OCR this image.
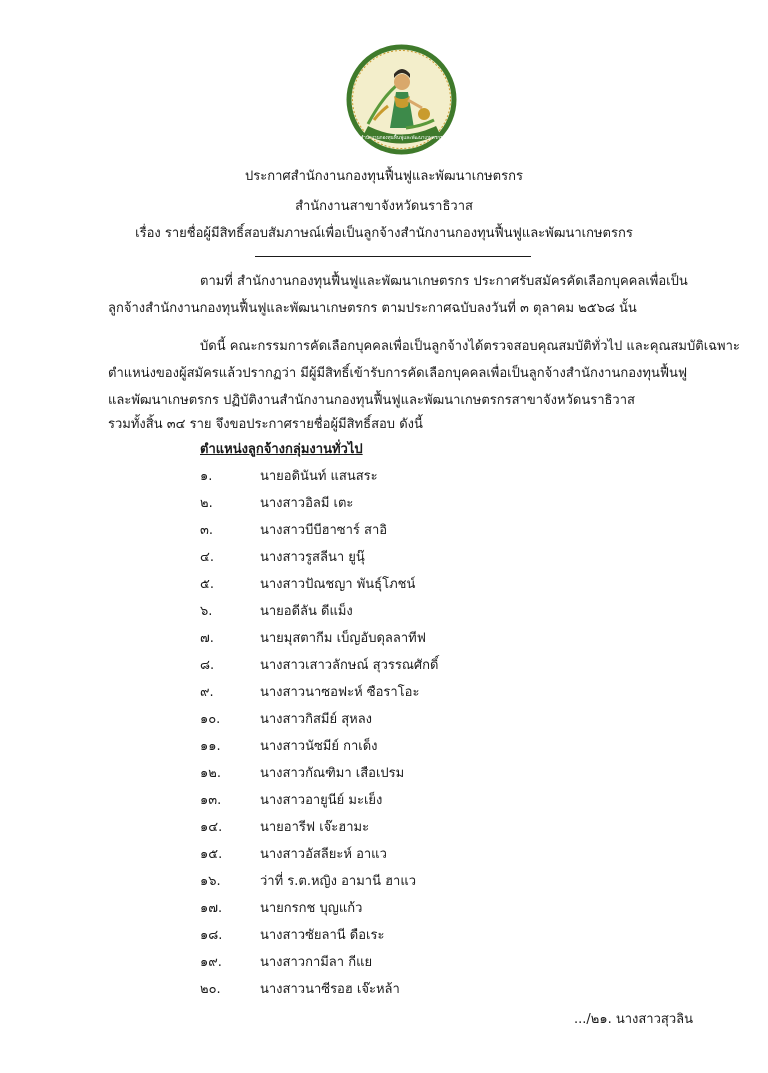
สำนักงานกองทุนฟื้นฟูและพัฒนาเกษตรกร
ประกาศสำนักงานกองทุนฟื้นฟูและพัฒนาเกษตรกร
สำนักงานสาขาจังหวัดนราธิวาส
เรื่อง รายชื่อผู้มีสิทธิ์สอบสัมภาษณ์เพื่อเป็นลูกจ้างสำนักงานกองทุนฟื้นฟูและพัฒนาเกษตรกร
ตามที่ สำนักงานกองทุนฟื้นฟูและพัฒนาเกษตรกร ประกาศรับสมัครคัดเลือกบุคคลเพื่อเป็น
ลูกจ้างสำนักงานกองทุนฟื้นฟูและพัฒนาเกษตรกร ตามประกาศฉบับลงวันที่ ๓ ตุลาคม ๒๕๖๘ นั้น
บัดนี้ คณะกรรมการคัดเลือกบุคคลเพื่อเป็นลูกจ้างได้ตรวจสอบคุณสมบัติทั่วไป และคุณสมบัติเฉพาะ
ตำแหน่งของผู้สมัครแล้วปรากฏว่า มีผู้มีสิทธิ์เข้ารับการคัดเลือกบุคคลเพื่อเป็นลูกจ้างสำนักงานกองทุนฟื้นฟู
และพัฒนาเกษตรกร ปฏิบัติงานสำนักงานกองทุนฟื้นฟูและพัฒนาเกษตรกรสาขาจังหวัดนราธิวาส
รวมทั้งสิ้น ๓๔ ราย จึงขอประกาศรายชื่อผู้มีสิทธิ์สอบ ดังนี้
ตำแหน่งลูกจ้างกลุ่มงานทั่วไป
๑.	นายอดินันท์ แสนสระ
๒.	นางสาวอิลมี เตะ
๓.	นางสาวบีบีฮาซาร์ สาอิ
๔.	นางสาวรูสลีนา ยูนุ๊
๕.	นางสาวปัณชญา พันธุ์โภชน์
๖.	นายอดีลัน ดีแม็ง
๗.	นายมุสตากีม เบ็ญอับดุลลาทีฟ
๘.	นางสาวเสาวลักษณ์ สุวรรณศักดิ์
๙.	นางสาวนาซอฟะห์ ซือราโอะ
๑๐.	นางสาวกิสมีย์ สุหลง
๑๑.	นางสาวนัซมีย์ กาเด็ง
๑๒.	นางสาวกัณฑิมา เสือเปรม
๑๓.	นางสาวอายูนีย์ มะเย็ง
๑๔.	นายอารีฟ เจ๊ะฮามะ
๑๕.	นางสาวอัสลียะห์ อาแว
๑๖.	ว่าที่ ร.ต.หญิง อามานี ฮาแว
๑๗.	นายกรกช บุญแก้ว
๑๘.	นางสาวซัยลานี ดือเระ
๑๙.	นางสาวกามีลา กีแย
๒๐.	นางสาวนาซีรอฮ เจ๊ะหล้า
.../๒๑. นางสาวสุวลิน
